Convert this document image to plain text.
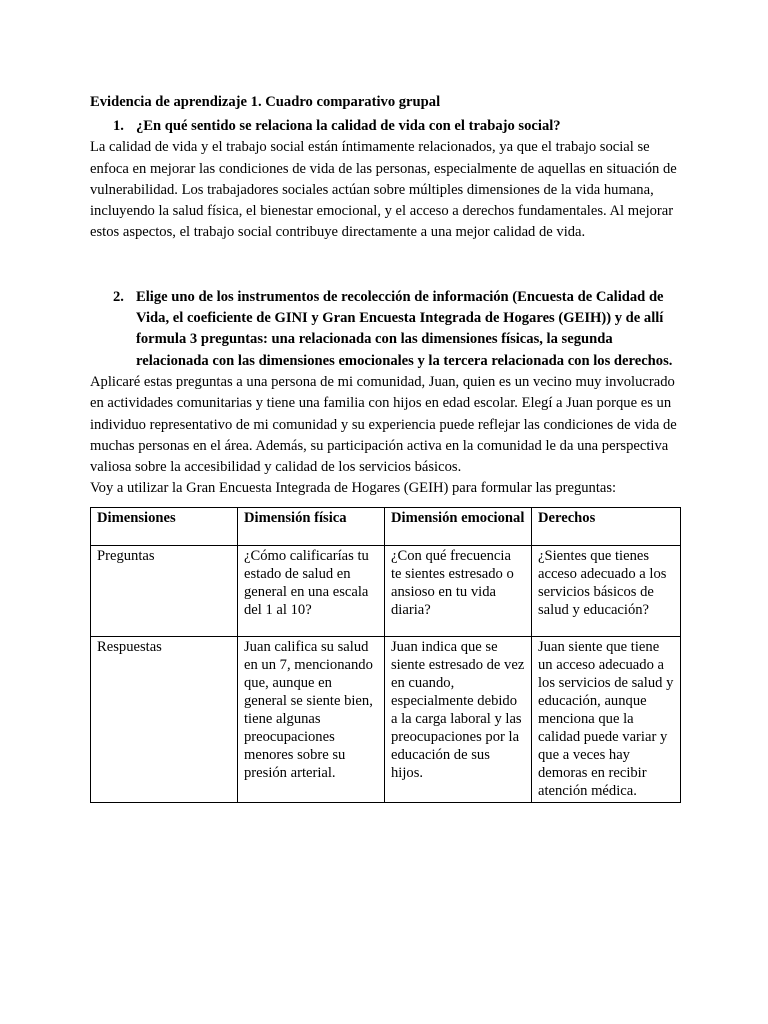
Evidencia de aprendizaje 1. Cuadro comparativo grupal
1. ¿En qué sentido se relaciona la calidad de vida con el trabajo social?

La calidad de vida y el trabajo social están íntimamente relacionados, ya que el trabajo social se enfoca en mejorar las condiciones de vida de las personas, especialmente de aquellas en situación de vulnerabilidad. Los trabajadores sociales actúan sobre múltiples dimensiones de la vida humana, incluyendo la salud física, el bienestar emocional, y el acceso a derechos fundamentales. Al mejorar estos aspectos, el trabajo social contribuye directamente a una mejor calidad de vida.

2. Elige uno de los instrumentos de recolección de información (Encuesta de Calidad de Vida, el coeficiente de GINI y Gran Encuesta Integrada de Hogares (GEIH)) y de allí formula 3 preguntas: una relacionada con las dimensiones físicas, la segunda relacionada con las dimensiones emocionales y la tercera relacionada con los derechos.

Aplicaré estas preguntas a una persona de mi comunidad, Juan, quien es un vecino muy involucrado en actividades comunitarias y tiene una familia con hijos en edad escolar. Elegí a Juan porque es un individuo representativo de mi comunidad y su experiencia puede reflejar las condiciones de vida de muchas personas en el área. Además, su participación activa en la comunidad le da una perspectiva valiosa sobre la accesibilidad y calidad de los servicios básicos.

Voy a utilizar la Gran Encuesta Integrada de Hogares (GEIH) para formular las preguntas:

Dimensiones	Dimensión física	Dimensión emocional	Derechos
Preguntas	¿Cómo calificarías tu estado de salud en general en una escala del 1 al 10?	¿Con qué frecuencia te sientes estresado o ansioso en tu vida diaria?	¿Sientes que tienes acceso adecuado a los servicios básicos de salud y educación?
Respuestas	Juan califica su salud en un 7, mencionando que, aunque en general se siente bien, tiene algunas preocupaciones menores sobre su presión arterial.	Juan indica que se siente estresado de vez en cuando, especialmente debido a la carga laboral y las preocupaciones por la educación de sus hijos.	Juan siente que tiene un acceso adecuado a los servicios de salud y educación, aunque menciona que la calidad puede variar y que a veces hay demoras en recibir atención médica.
